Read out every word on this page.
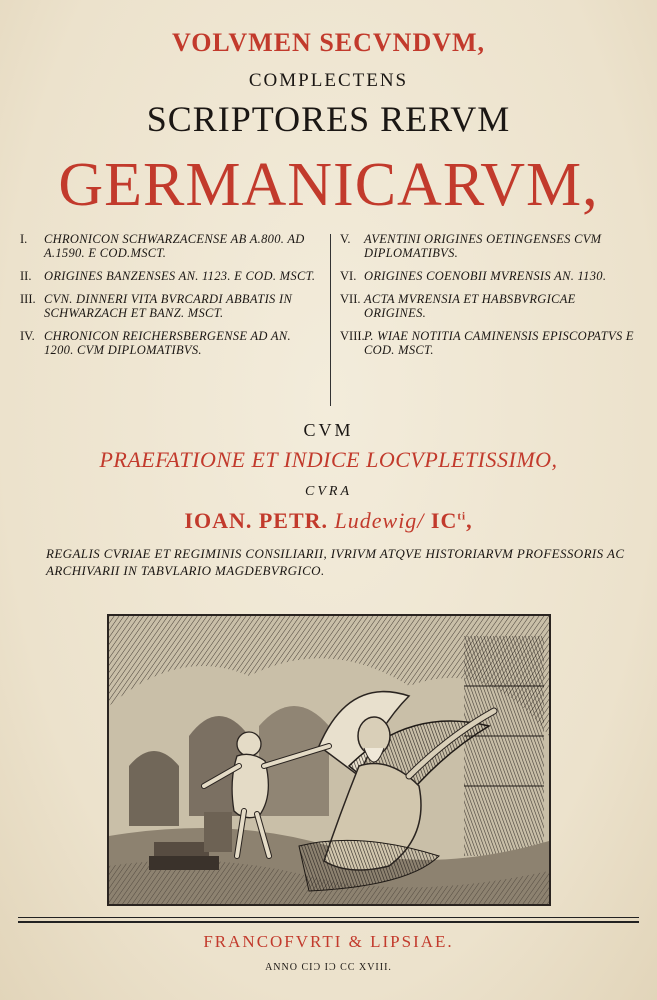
VOLVMEN SECVNDVM,
COMPLECTENS
SCRIPTORES RERVM
GERMANICARVM,
I.	CHRONICON SCHWARZACENSE AB A.800. AD A.1590. E COD.MSCT.
II.	ORIGINES BANZENSES AN. 1123. E COD. MSCT.
III. CVN. DINNERI VITA BVRCARDI ABBATIS IN SCHWARZACH ET BANZ. MSCT.
IV. CHRONICON REICHERSBERGENSE AD AN. 1200. CVM DIPLOMATIBVS.
V.	AVENTINI ORIGINES OETINGENSES CVM DIPLOMATIBVS.
VI. ORIGINES COENOBII MVRENSIS AN. 1130.
VII. ACTA MVRENSIA ET HABSBVRGICAE ORIGINES.
VIII. P. WIAE NOTITIA CAMINENSIS EPISCOPATVS E COD. MSCT.
CVM
PRAEFATIONE ET INDICE LOCVPLETISSIMO,
CVRA
IOAN. PETR. Ludewig/ $IC^{ti}$,
REGALIS CVRIAE ET REGIMINIS CONSILIARII, IVRIVM ATQVE HISTORIARVM PROFESSORIS AC ARCHIVARII IN TABVLARIO MAGDEBVRGICO.
FRANCOFVRTI & LIPSIAE.
ANNO CIƆ IƆ CC XVIII.
